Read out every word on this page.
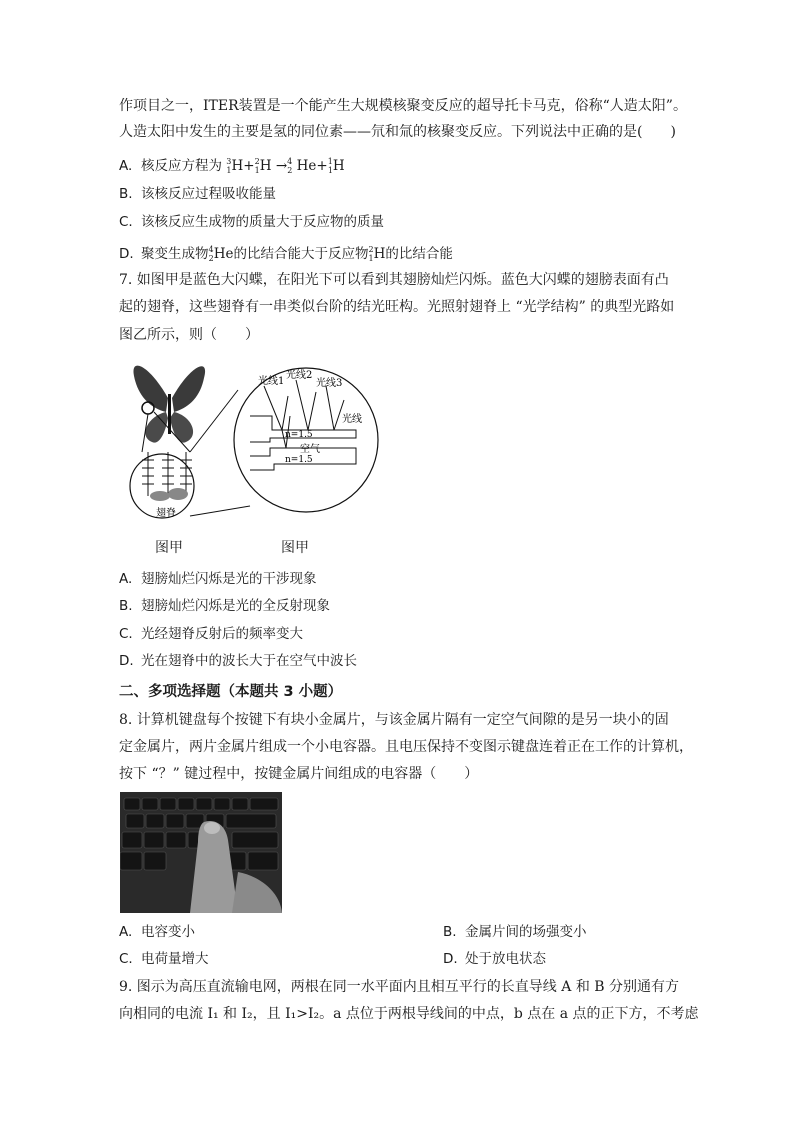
作项目之一，ITER装置是一个能产生大规模核聚变反应的超导托卡马克，俗称“人造太阳”。
人造太阳中发生的主要是氢的同位素——氘和氚的核聚变反应。下列说法中正确的是(　　)
A. 核反应方程为 $^3_1$H+$^2_1$H →$^4_2$ He+$^1_1$H
B. 该核反应过程吸收能量
C. 该核反应生成物的质量大于反应物的质量
D. 聚变生成物$^4_2$He的比结合能大于反应物$^2_1$H的比结合能
7. 如图甲是蓝色大闪蝶，在阳光下可以看到其翅膀灿烂闪烁。蓝色大闪蝶的翅膀表面有凸
起的翅脊，这些翅脊有一串类似台阶的结光旺构。光照射翅脊上 “光学结构” 的典型光路如
图乙所示，则（　　）
翅脊
n=1.5
空气
n=1.5
光线1
光线2
光线3
光线
图甲	图甲
A. 翅膀灿烂闪烁是光的干涉现象
B. 翅膀灿烂闪烁是光的全反射现象
C. 光经翅脊反射后的频率变大
D. 光在翅脊中的波长大于在空气中波长
二、多项选择题（本题共 3 小题）
8. 计算机键盘每个按键下有块小金属片，与该金属片隔有一定空气间隙的是另一块小的固
定金属片，两片金属片组成一个小电容器。且电压保持不变图示键盘连着正在工作的计算机，
按下 “？” 键过程中，按键金属片间组成的电容器（　　）
A. 电容变小	B. 金属片间的场强变小
C. 电荷量增大	D. 处于放电状态
9. 图示为高压直流输电网，两根在同一水平面内且相互平行的长直导线 A 和 B 分别通有方
向相同的电流 I₁ 和 I₂，且 I₁>I₂。a 点位于两根导线间的中点，b 点在 a 点的正下方，不考虑
